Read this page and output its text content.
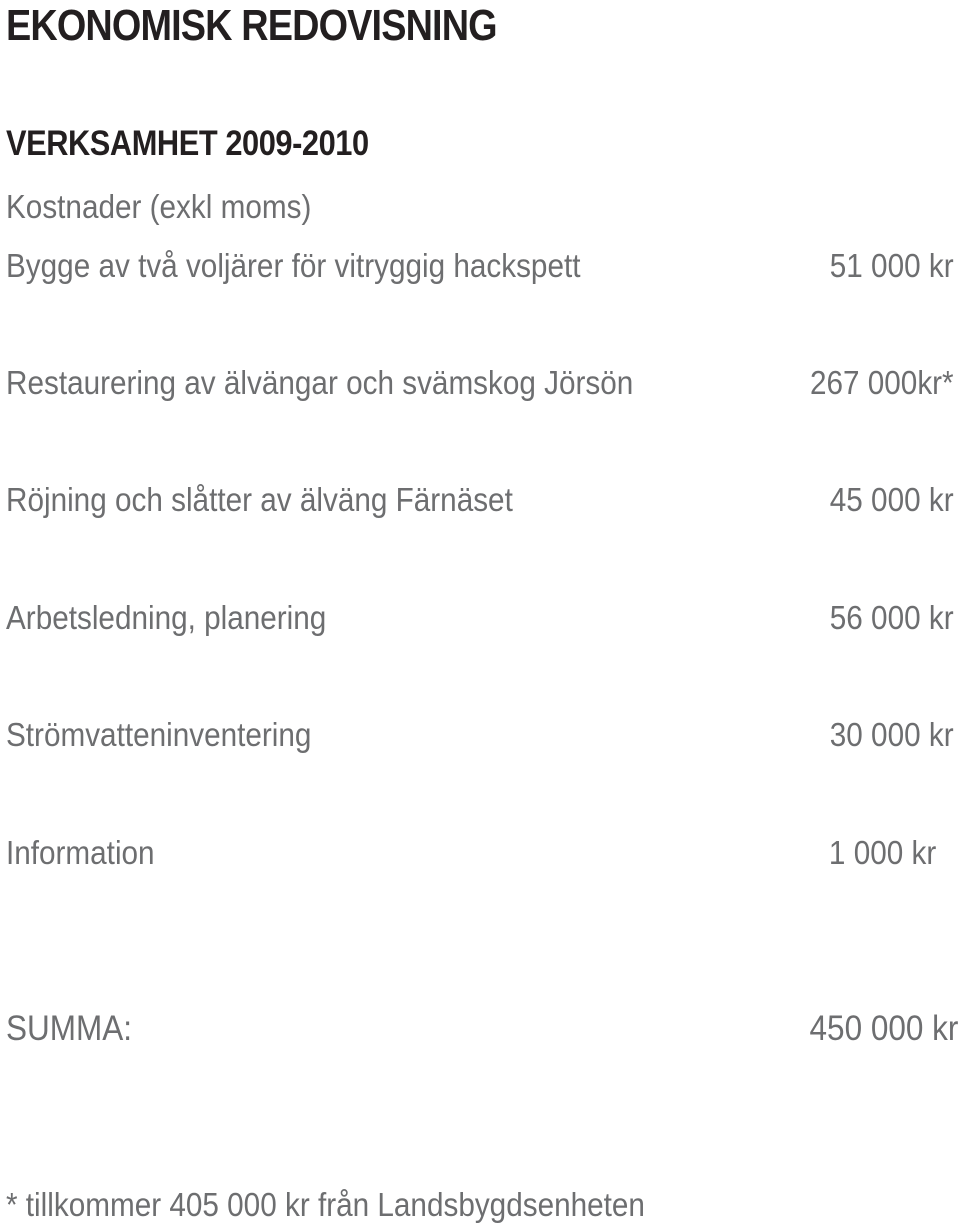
EKONOMISK REDOVISNING
VERKSAMHET 2009-2010
Kostnader (exkl moms)
Bygge av två voljärer för vitryggig hackspett	51 000 kr
Restaurering av älvängar och svämskog Jörsön	267 000kr*
Röjning och slåtter av älväng Färnäset	45 000 kr
Arbetsledning, planering	56 000 kr
Strömvatteninventering	30 000 kr
Information	1 000 kr
SUMMA:	450 000 kr
* tillkommer 405 000 kr från Landsbygdsenheten
